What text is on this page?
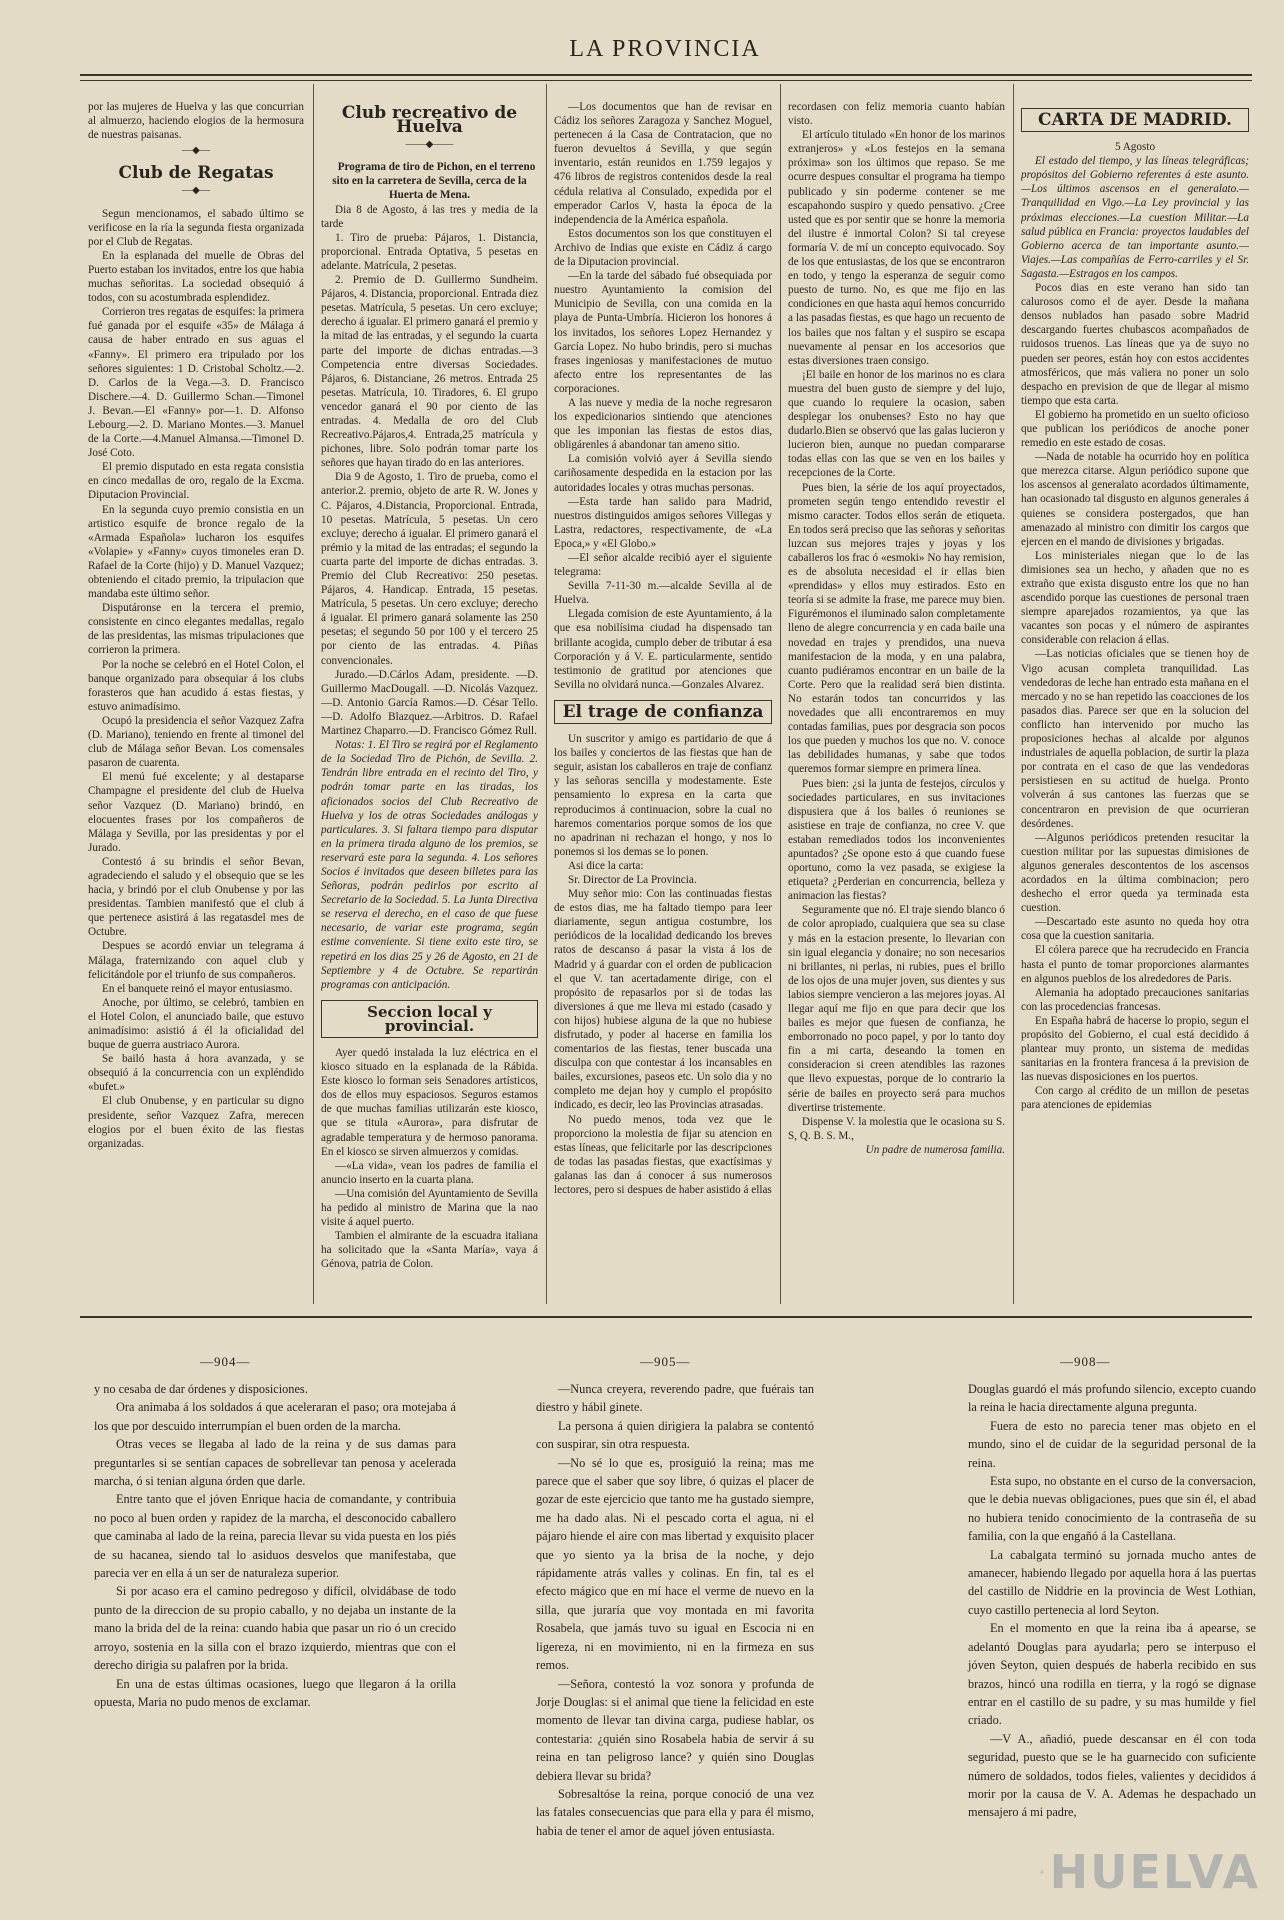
LA PROVINCIA

por las mujeres de Huelva y las que concurrian al almuerzo, haciendo elogios de la hermosura de nuestras paisanas.

—◆—
Club de Regatas
—◆—

Segun mencionamos, el sabado último se verificose en la ría la segunda fiesta organizada por el Club de Regatas.

En la esplanada del muelle de Obras del Puerto estaban los invitados, entre los que habia muchas señoritas. La sociedad obsequió á todos, con su acostumbrada esplendidez.

Corrieron tres regatas de esquifes: la primera fué ganada por el esquife «35» de Málaga á causa de haber entrado en sus aguas el «Fanny». El primero era tripulado por los señores siguientes: 1 D. Cristobal Scholtz.—2. D. Carlos de la Vega.—3. D. Francisco Dischere.—4. D. Guillermo Schan.—Timonel J. Bevan.—El «Fanny» por—1. D. Alfonso Lebourg.—2. D. Mariano Montes.—3. Manuel de la Corte.—4.Manuel Almansa.—Timonel D. José Coto.

El premio disputado en esta regata consistia en cinco medallas de oro, regalo de la Excma. Diputacion Provincial.

En la segunda cuyo premio consistia en un artistico esquife de bronce regalo de la «Armada Española» lucharon los esquifes «Volapie» y «Fanny» cuyos timoneles eran D. Rafael de la Corte (hijo) y D. Manuel Vazquez; obteniendo el citado premio, la tripulacion que mandaba este último señor.

Disputáronse en la tercera el premio, consistente en cinco elegantes medallas, regalo de las presidentas, las mismas tripulaciones que corrieron la primera.

Por la noche se celebró en el Hotel Colon, el banque organizado para obsequiar á los clubs forasteros que han acudido á estas fiestas, y estuvo animadísimo.

Ocupó la presidencia el señor Vazquez Zafra (D. Mariano), teniendo en frente al timonel del club de Málaga señor Bevan. Los comensales pasaron de cuarenta.

El menú fué excelente; y al destaparse Champagne el presidente del club de Huelva señor Vazquez (D. Mariano) brindó, en elocuentes frases por los compañeros de Málaga y Sevilla, por las presidentas y por el Jurado.

Contestó á su brindis el señor Bevan, agradeciendo el saludo y el obsequio que se les hacia, y brindó por el club Onubense y por las presidentas. Tambien manifestó que el club á que pertenece asistirá á las regatasdel mes de Octubre.

Despues se acordó enviar un telegrama á Málaga, fraternizando con aquel club y felicitándole por el triunfo de sus compañeros.

En el banquete reinó el mayor entusiasmo.

Anoche, por último, se celebró, tambien en el Hotel Colon, el anunciado baile, que estuvo animadísimo: asistió á él la oficialidad del buque de guerra austriaco Aurora.

Se bailó hasta á hora avanzada, y se obsequió á la concurrencia con un expléndido «bufet.»

El club Onubense, y en particular su digno presidente, señor Vazquez Zafra, merecen elogios por el buen éxito de las fiestas organizadas.

Club recreativo de Huelva
——◆——

Programa de tiro de Pichon, en el terreno sito en la carretera de Sevilla, cerca de la Huerta de Mena.

Dia 8 de Agosto, á las tres y media de la tarde

1. Tiro de prueba: Pájaros, 1. Distancia, proporcional. Entrada Optativa, 5 pesetas en adelante. Matrícula, 2 pesetas.

2. Premio de D. Guillermo Sundheim. Pájaros, 4. Distancia, proporcional. Entrada diez pesetas. Matrícula, 5 pesetas. Un cero excluye; derecho á igualar. El primero ganará el premio y la mitad de las entradas, y el segundo la cuarta parte del importe de dichas entradas.—3 Competencia entre diversas Sociedades. Pájaros, 6. Distanciane, 26 metros. Entrada 25 pesetas. Matrícula, 10. Tiradores, 6. El grupo vencedor ganará el 90 por ciento de las entradas. 4. Medalla de oro del Club Recreativo.Pájaros,4. Entrada,25 matrícula y pichones, libre. Solo podrán tomar parte los señores que hayan tirado do en las anteriores.

Dia 9 de Agosto, 1. Tiro de prueba, como el anterior.2. premio, objeto de arte R. W. Jones y C. Pájaros, 4.Distancia, Proporcional. Entrada, 10 pesetas. Matrícula, 5 pesetas. Un cero excluye; derecho á igualar. El primero ganará el prémio y la mitad de las entradas; el segundo la cuarta parte del importe de dichas entradas. 3. Premio del Club Recreativo: 250 pesetas. Pájaros, 4. Handicap. Entrada, 15 pesetas. Matrícula, 5 pesetas. Un cero excluye; derecho á igualar. El primero ganará solamente las 250 pesetas; el segundo 50 por 100 y el tercero 25 por ciento de las entradas. 4. Piñas convencionales.

Jurado.—D.Cárlos Adam, presidente. —D. Guillermo MacDougall. —D. Nicolás Vazquez.—D. Antonio García Ramos.—D. César Tello.—D. Adolfo Blazquez.—Arbitros. D. Rafael Martinez Chaparro.—D. Francisco Gómez Rull.

Notas: 1. El Tiro se regirá por el Reglamento de la Sociedad Tiro de Pichón, de Sevilla. 2. Tendrán libre entrada en el recinto del Tiro, y podrán tomar parte en las tiradas, los aficionados socios del Club Recreativo de Huelva y los de otras Sociedades análogas y particulares. 3. Si faltara tiempo para disputar en la primera tirada alguno de los premios, se reservará este para la segunda. 4. Los señores Socios é invitados que deseen billetes para las Señoras, podrán pedirlos por escrito al Secretario de la Sociedad. 5. La Junta Directiva se reserva el derecho, en el caso de que fuese necesario, de variar este programa, según estime conveniente. Si tiene exito este tiro, se repetirá en los dias 25 y 26 de Agosto, en 21 de Septiembre y 4 de Octubre. Se repartirán programas con anticipación.

Seccion local y provincial.

Ayer quedó instalada la luz eléctrica en el kiosco situado en la esplanada de la Rábida. Este kiosco lo forman seis Senadores artísticos, dos de ellos muy espaciosos. Seguros estamos de que muchas familias utilizarán este kiosco, que se titula «Aurora», para disfrutar de agradable temperatura y de hermoso panorama. En el kiosco se sirven almuerzos y comidas.

—«La vida», vean los padres de familia el anuncio inserto en la cuarta plana.

—Una comisión del Ayuntamiento de Sevilla ha pedido al ministro de Marina que la nao visite á aquel puerto.

Tambien el almirante de la escuadra italiana ha solicitado que la «Santa María», vaya á Génova, patria de Colon.

—Los documentos que han de revisar en Cádiz los señores Zaragoza y Sanchez Moguel, pertenecen á la Casa de Contratacion, que no fueron devueltos á Sevilla, y que según inventario, están reunidos en 1.759 legajos y 476 libros de registros contenidos desde la real cédula relativa al Consulado, expedida por el emperador Carlos V, hasta la época de la independencia de la América española.

Estos documentos son los que constituyen el Archivo de Indias que existe en Cádiz á cargo de la Diputacion provincial.

—En la tarde del sábado fué obsequiada por nuestro Ayuntamiento la comision del Municipio de Sevilla, con una comida en la playa de Punta-Umbría. Hicieron los honores á los invitados, los señores Lopez Hernandez y García Lopez. No hubo brindis, pero si muchas frases ingeniosas y manifestaciones de mutuo afecto entre los representantes de las corporaciones.

A las nueve y media de la noche regresaron los expedicionarios sintiendo que atenciones que les imponian las fiestas de estos dias, obligárenles á abandonar tan ameno sitio.

La comisión volvió ayer á Sevilla siendo cariñosamente despedida en la estacion por las autoridades locales y otras muchas personas.

—Esta tarde han salido para Madrid, nuestros distinguidos amigos señores Villegas y Lastra, redactores, respectivamente, de «La Epoca,» y «El Globo.»

—El señor alcalde recibió ayer el siguiente telegrama:

Sevilla 7-11-30 m.—alcalde Sevilla al de Huelva.

Llegada comision de este Ayuntamiento, á la que esa nobilísima ciudad ha dispensado tan brillante acogida, cumplo deber de tributar á esa Corporación y á V. E. particularmente, sentido testimonio de gratitud por atenciones que Sevilla no olvidará nunca.—Gonzales Alvarez.

El trage de confianza

Un suscritor y amigo es partidario de que á los bailes y conciertos de las fiestas que han de seguir, asistan los caballeros en traje de confianz y las señoras sencilla y modestamente. Este pensamiento lo expresa en la carta que reproducimos á continuacion, sobre la cual no haremos comentarios porque somos de los que no apadrinan ni rechazan el hongo, y nos lo ponemos si los demas se lo ponen.

Asi dice la carta:

Sr. Director de La Provincia.

Muy señor mio: Con las continuadas fiestas de estos dias, me ha faltado tiempo para leer diariamente, segun antigua costumbre, los periódicos de la localidad dedicando los breves ratos de descanso á pasar la vista á los de Madrid y á guardar con el orden de publicacion el que V. tan acertadamente dirige, con el propósito de repasarlos por si de todas las diversiones á que me lleva mi estado (casado y con hijos) hubiese alguna de la que no hubiese disfrutado, y poder al hacerse en familia los comentarios de las fiestas, tener buscada una disculpa con que contestar á los incansables en bailes, excursiones, paseos etc. Un solo dia y no completo me dejan hoy y cumplo el propósito indicado, es decir, leo las Provincias atrasadas.

No puedo menos, toda vez que le proporciono la molestia de fijar su atencion en estas líneas, que felicitarle por las descripciones de todas las pasadas fiestas, que exactísimas y galanas las dan á conocer á sus numerosos lectores, pero si despues de haber asistido á ellas

recordasen con feliz memoria cuanto habían visto.

El artículo titulado «En honor de los marinos extranjeros» y «Los festejos en la semana próxima» son los últimos que repaso. Se me ocurre despues consultar el programa ha tiempo publicado y sin poderme contener se me escapahondo suspiro y quedo pensativo. ¿Cree usted que es por sentir que se honre la memoria del ilustre é inmortal Colon? Si tal creyese formaría V. de mí un concepto equivocado. Soy de los que entusiastas, de los que se encontraron en todo, y tengo la esperanza de seguir como puesto de turno. No, es que me fijo en las condiciones en que hasta aquí hemos concurrido a las pasadas fiestas, es que hago un recuento de los bailes que nos faltan y el suspiro se escapa nuevamente al pensar en los accesorios que estas diversiones traen consigo.

¡El baile en honor de los marinos no es clara muestra del buen gusto de siempre y del lujo, que cuando lo requiere la ocasion, saben desplegar los onubenses? Esto no hay que dudarlo.Bien se observó que las galas lucieron y lucieron bien, aunque no puedan compararse todas ellas con las que se ven en los bailes y recepciones de la Corte.

Pues bien, la série de los aquí proyectados, prometen según tengo entendido revestir el mismo caracter. Todos ellos serán de etiqueta. En todos será preciso que las señoras y señoritas luzcan sus mejores trajes y joyas y los caballeros los frac ó «esmoki» No hay remision, es de absoluta necesidad el ir ellas bien «prendidas» y ellos muy estirados. Esto en teoría si se admite la frase, me parece muy bien. Figurémonos el iluminado salon completamente lleno de alegre concurrencia y en cada baile una novedad en trajes y prendidos, una nueva manifestacion de la moda, y en una palabra, cuanto pudiéramos encontrar en un baile de la Corte. Pero que la realidad será bien distinta. No estarán todos tan concurridos y las novedades que alli encontraremos en muy contadas familias, pues por desgracia son pocos los que pueden y muchos los que no. V. conoce las debilidades humanas, y sabe que todos queremos formar siempre en primera línea.

Pues bien: ¿si la junta de festejos, círculos y sociedades particulares, en sus invitaciones dispusiera que á los bailes ó reuniones se asistiese en traje de confianza, no cree V. que estaban remediados todos los inconvenientes apuntados? ¿Se opone esto á que cuando fuese oportuno, como la vez pasada, se exigiese la etiqueta? ¿Perderian en concurrencia, belleza y animacion las fiestas?

Seguramente que nó. El traje siendo blanco ó de color apropiado, cualquiera que sea su clase y más en la estacion presente, lo llevarian con sin igual elegancia y donaire; no son necesarios ni brillantes, ni perlas, ni rubies, pues el brillo de los ojos de una mujer joven, sus dientes y sus labios siempre vencieron a las mejores joyas. Al llegar aquí me fijo en que para decir que los bailes es mejor que fuesen de confianza, he emborronado no poco papel, y por lo tanto doy fin a mi carta, deseando la tomen en consideracion si creen atendibles las razones que llevo expuestas, porque de lo contrario la série de bailes en proyecto será para muchos divertirse tristemente.

Dispense V. la molestia que le ocasiona su S. S, Q. B. S. M.,

Un padre de numerosa familia.

CARTA DE MADRID.

5 Agosto

El estado del tiempo, y las líneas telegráficas; propósitos del Gobierno referentes á este asunto.—Los últimos ascensos en el generalato.—Tranquilidad en Vigo.—La Ley provincial y las próximas elecciones.—La cuestion Militar.—La salud pública en Francia: proyectos laudables del Gobierno acerca de tan importante asunto.—Viajes.—Las compañías de Ferro-carriles y el Sr. Sagasta.—Estragos en los campos.

Pocos dias en este verano han sido tan calurosos como el de ayer. Desde la mañana densos nublados han pasado sobre Madrid descargando fuertes chubascos acompañados de ruidosos truenos. Las líneas que ya de suyo no pueden ser peores, están hoy con estos accidentes atmosféricos, que más valiera no poner un solo despacho en prevision de que de llegar al mismo tiempo que esta carta.

El gobierno ha prometido en un suelto oficioso que publican los periódicos de anoche poner remedio en este estado de cosas.

—Nada de notable ha ocurrido hoy en política que merezca citarse. Algun periódico supone que los ascensos al generalato acordados últimamente, han ocasionado tal disgusto en algunos generales á quienes se considera postergados, que han amenazado al ministro con dimitir los cargos que ejercen en el mando de divisiones y brigadas.

Los ministeriales niegan que lo de las dimisiones sea un hecho, y añaden que no es extraño que exista disgusto entre los que no han ascendido porque las cuestiones de personal traen siempre aparejados rozamientos, ya que las vacantes son pocas y el número de aspirantes considerable con relacion á ellas.

—Las noticias oficiales que se tienen hoy de Vigo acusan completa tranquilidad. Las vendedoras de leche han entrado esta mañana en el mercado y no se han repetido las coacciones de los pasados dias. Parece ser que en la solucion del conflicto han intervenido por mucho las proposiciones hechas al alcalde por algunos industriales de aquella poblacion, de surtir la plaza por contrata en el caso de que las vendedoras persistiesen en su actitud de huelga. Pronto volverán á sus cantones las fuerzas que se concentraron en prevision de que ocurrieran desórdenes.

—Algunos periódicos pretenden resucitar la cuestion militar por las supuestas dimisiones de algunos generales descontentos de los ascensos acordados en la última combinacion; pero deshecho el error queda ya terminada esta cuestion.

—Descartado este asunto no queda hoy otra cosa que la cuestion sanitaria.

El cólera parece que ha recrudecido en Francia hasta el punto de tomar proporciones alarmantes en algunos pueblos de los alrededores de Paris.

Alemania ha adoptado precauciones sanitarias con las procedencias francesas.

En España habrá de hacerse lo propio, segun el propósito del Gobierno, el cual está decidido á plantear muy pronto, un sistema de medidas sanitarias en la frontera francesa á la prevision de las nuevas disposiciones en los puertos.

Con cargo al crédito de un millon de pesetas para atenciones de epidemias

—904—	—905—	—908—

y no cesaba de dar órdenes y disposiciones.

Ora animaba á los soldados á que aceleraran el paso; ora motejaba á los que por descuido interrumpían el buen orden de la marcha.

Otras veces se llegaba al lado de la reina y de sus damas para preguntarles si se sentían capaces de sobrellevar tan penosa y acelerada marcha, ó si tenian alguna órden que darle.

Entre tanto que el jóven Enrique hacia de comandante, y contribuia no poco al buen orden y rapidez de la marcha, el desconocido caballero que caminaba al lado de la reina, parecia llevar su vida puesta en los piés de su hacanea, siendo tal lo asiduos desvelos que manifestaba, que parecia ver en ella á un ser de naturaleza superior.

Si por acaso era el camino pedregoso y difícil, olvidábase de todo punto de la direccion de su propio caballo, y no dejaba un instante de la mano la brida del de la reina: cuando habia que pasar un rio ó un crecido arroyo, sostenia en la silla con el brazo izquierdo, mientras que con el derecho dirigia su palafren por la brida.

En una de estas últimas ocasiones, luego que llegaron á la orilla opuesta, Maria no pudo menos de exclamar.

—Nunca creyera, reverendo padre, que fuérais tan diestro y hábil ginete.

La persona á quien dirigiera la palabra se contentó con suspirar, sin otra respuesta.

—No sé lo que es, prosiguió la reina; mas me parece que el saber que soy libre, ó quizas el placer de gozar de este ejercicio que tanto me ha gustado siempre, me ha dado alas. Ni el pescado corta el agua, ni el pájaro hiende el aire con mas libertad y exquisito placer que yo siento ya la brisa de la noche, y dejo rápidamente atrás valles y colinas. En fin, tal es el efecto mágico que en mí hace el verme de nuevo en la silla, que juraría que voy montada en mi favorita Rosabela, que jamás tuvo su igual en Escocia ni en ligereza, ni en movimiento, ni en la firmeza en sus remos.

—Señora, contestó la voz sonora y profunda de Jorje Douglas: si el animal que tiene la felicidad en este momento de llevar tan divina carga, pudiese hablar, os contestaria: ¿quién sino Rosabela habia de servir á su reina en tan peligroso lance? y quién sino Douglas debiera llevar su brida?

Sobresaltóse la reina, porque conoció de una vez las fatales consecuencias que para ella y para él mismo, habia de tener el amor de aquel jóven entusiasta.

Douglas guardó el más profundo silencio, excepto cuando la reina le hacia directamente alguna pregunta.

Fuera de esto no parecia tener mas objeto en el mundo, sino el de cuidar de la seguridad personal de la reina.

Esta supo, no obstante en el curso de la conversacion, que le debia nuevas obligaciones, pues que sin él, el abad no hubiera tenido conocimiento de la contraseña de su familia, con la que engañó á la Castellana.

La cabalgata terminó su jornada mucho antes de amanecer, habiendo llegado por aquella hora á las puertas del castillo de Niddrie en la provincia de West Lothian, cuyo castillo pertenecia al lord Seyton.

En el momento en que la reina iba á apearse, se adelantó Douglas para ayudarla; pero se interpuso el jóven Seyton, quien después de haberla recibido en sus brazos, hincó una rodilla en tierra, y la rogó se dignase entrar en el castillo de su padre, y su mas humilde y fiel criado.

—V A., añadió, puede descansar en él con toda seguridad, puesto que se le ha guarnecido con suficiente número de soldados, todos fieles, valientes y decididos á morir por la causa de V. A. Ademas he despachado un mensajero á mi padre,

HUELVA
